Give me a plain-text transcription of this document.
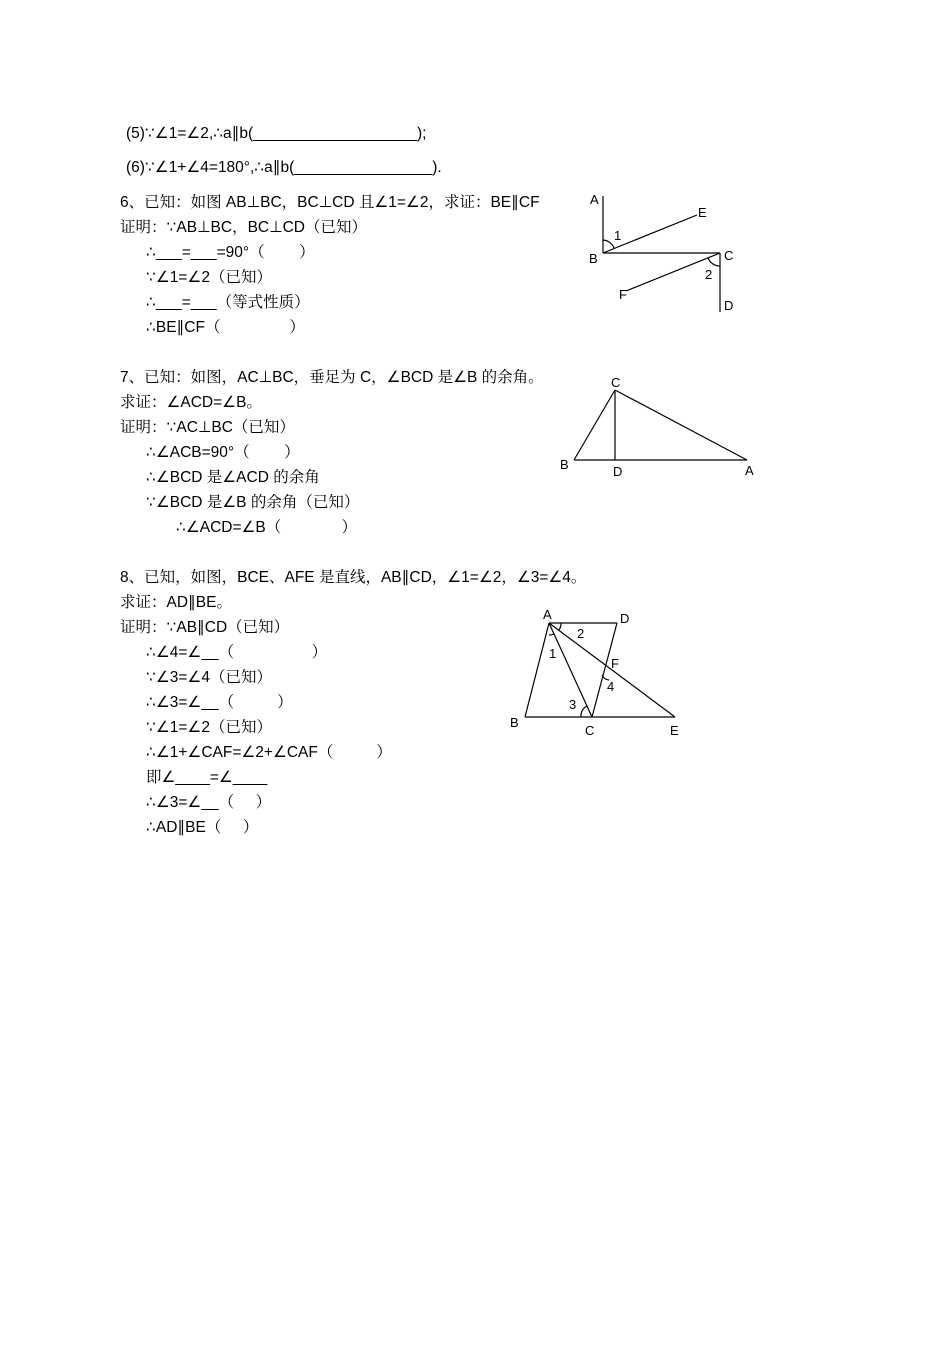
(5)∵∠1=∠2,∴a∥b(___________________);
(6)∵∠1+∠4=180°,∴a∥b(________________).
6、已知：如图 AB⊥BC，BC⊥CD 且∠1=∠2，求证：BE∥CF
证明：∵AB⊥BC，BC⊥CD（已知）
∴___=___=90°（        ）
∵∠1=∠2（已知）
∴___=___（等式性质）
∴BE∥CF（                ）
A
B	C
D
E
F
1
2
7、已知：如图，AC⊥BC，垂足为 C，∠BCD 是∠B 的余角。
求证：∠ACD=∠B。
证明：∵AC⊥BC（已知）
∴∠ACB=90°（        ）
∴∠BCD 是∠ACD 的余角
∵∠BCD 是∠B 的余角（已知）
∴∠ACD=∠B（              ）
C
B	D	A
8、已知，如图，BCE、AFE 是直线，AB∥CD，∠1=∠2，∠3=∠4。
求证：AD∥BE。
证明：∵AB∥CD（已知）
∴∠4=∠__（                  ）
∵∠3=∠4（已知）
∴∠3=∠__（          ）
∵∠1=∠2（已知）
∴∠1+∠CAF=∠2+∠CAF（          ）
即∠____=∠____
∴∠3=∠__（     ）
∴AD∥BE（     ）
A	D
B
C	E
F
1
2
3
4
